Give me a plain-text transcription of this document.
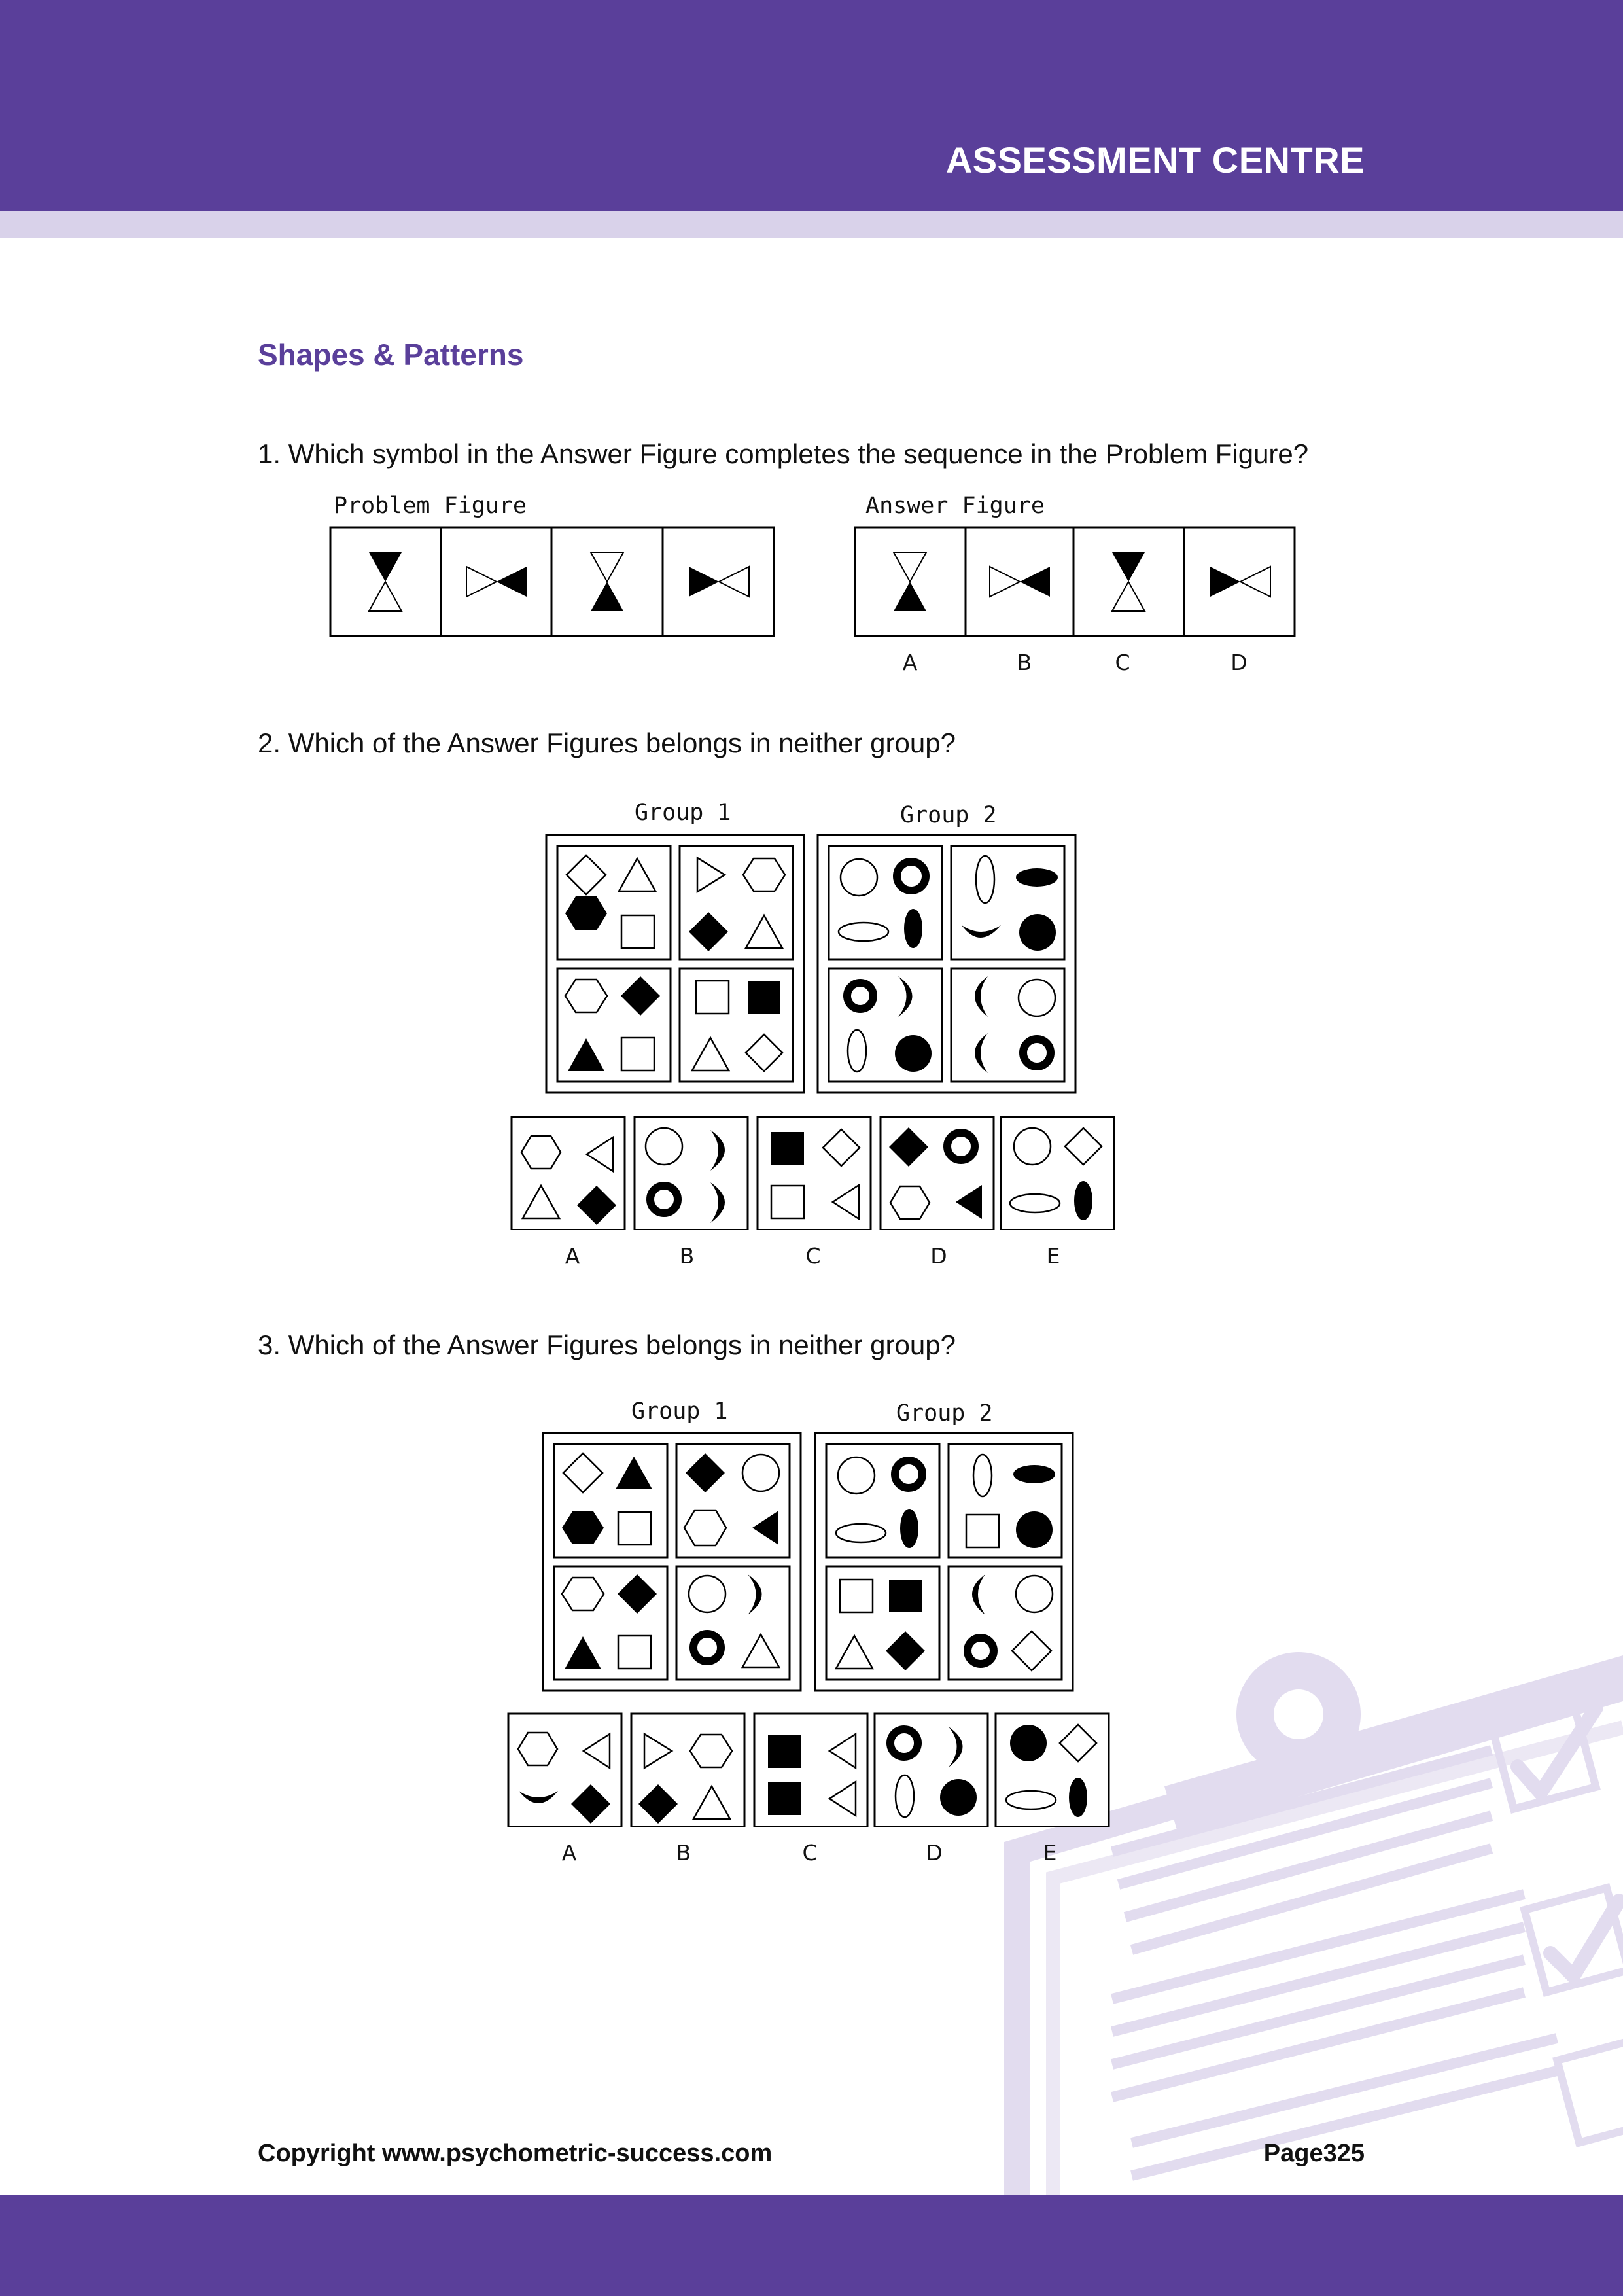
ASSESSMENT CENTRE
Shapes & Patterns
1. Which symbol in the Answer Figure completes the sequence in the Problem Figure?
Problem Figure	Answer Figure
A	B	C	D
2. Which of the Answer Figures belongs in neither group?
Group 1	Group 2
A	B	C	D	E
3. Which of the Answer Figures belongs in neither group?
Group 1	Group 2
A	B	C	D	E
Copyright www.psychometric-success.com	Page325
